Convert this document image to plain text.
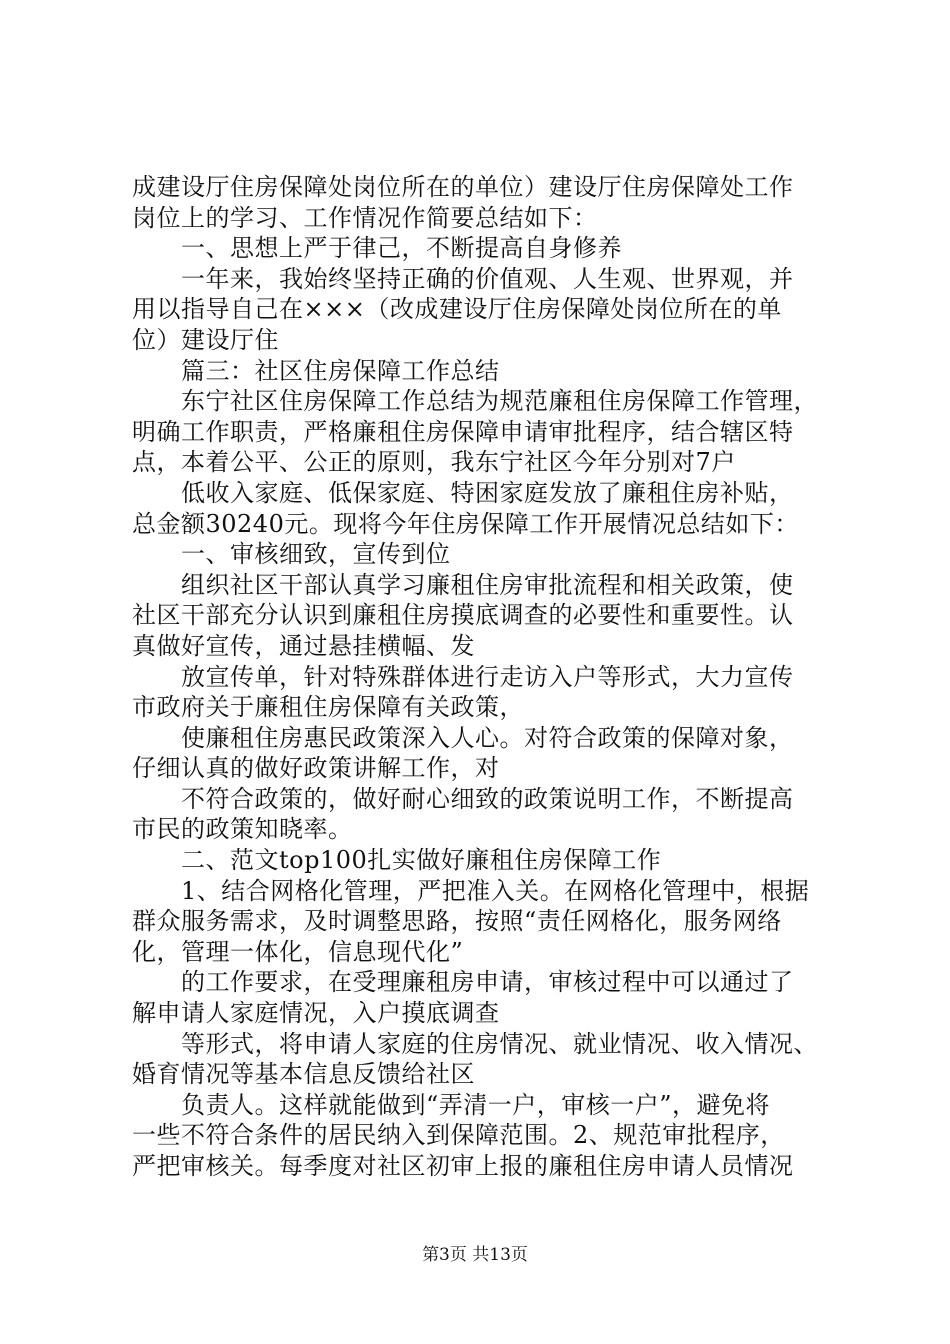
成建设厅住房保障处岗位所在的单位）建设厅住房保障处工作
岗位上的学习、工作情况作简要总结如下：
　　一、思想上严于律己，不断提高自身修养
　　一年来，我始终坚持正确的价值观、人生观、世界观，并
用以指导自己在×××（改成建设厅住房保障处岗位所在的单
位）建设厅住
　　篇三：社区住房保障工作总结
　　东宁社区住房保障工作总结为规范廉租住房保障工作管理，
明确工作职责，严格廉租住房保障申请审批程序，结合辖区特
点，本着公平、公正的原则，我东宁社区今年分别对7户
　　低收入家庭、低保家庭、特困家庭发放了廉租住房补贴，
总金额30240元。现将今年住房保障工作开展情况总结如下：
　　一、审核细致，宣传到位
　　组织社区干部认真学习廉租住房审批流程和相关政策，使
社区干部充分认识到廉租住房摸底调查的必要性和重要性。认
真做好宣传，通过悬挂横幅、发
　　放宣传单，针对特殊群体进行走访入户等形式，大力宣传
市政府关于廉租住房保障有关政策，
　　使廉租住房惠民政策深入人心。对符合政策的保障对象，
仔细认真的做好政策讲解工作，对
　　不符合政策的，做好耐心细致的政策说明工作，不断提高
市民的政策知晓率。
　　二、范文top100扎实做好廉租住房保障工作
　　1、结合网格化管理，严把准入关。在网格化管理中，根据
群众服务需求，及时调整思路，按照“责任网格化，服务网络
化，管理一体化，信息现代化”
　　的工作要求，在受理廉租房申请，审核过程中可以通过了
解申请人家庭情况，入户摸底调查
　　等形式，将申请人家庭的住房情况、就业情况、收入情况、
婚育情况等基本信息反馈给社区
　　负责人。这样就能做到“弄清一户，审核一户”，避免将
一些不符合条件的居民纳入到保障范围。2、规范审批程序，
严把审核关。每季度对社区初审上报的廉租住房申请人员情况
第3页 共13页
